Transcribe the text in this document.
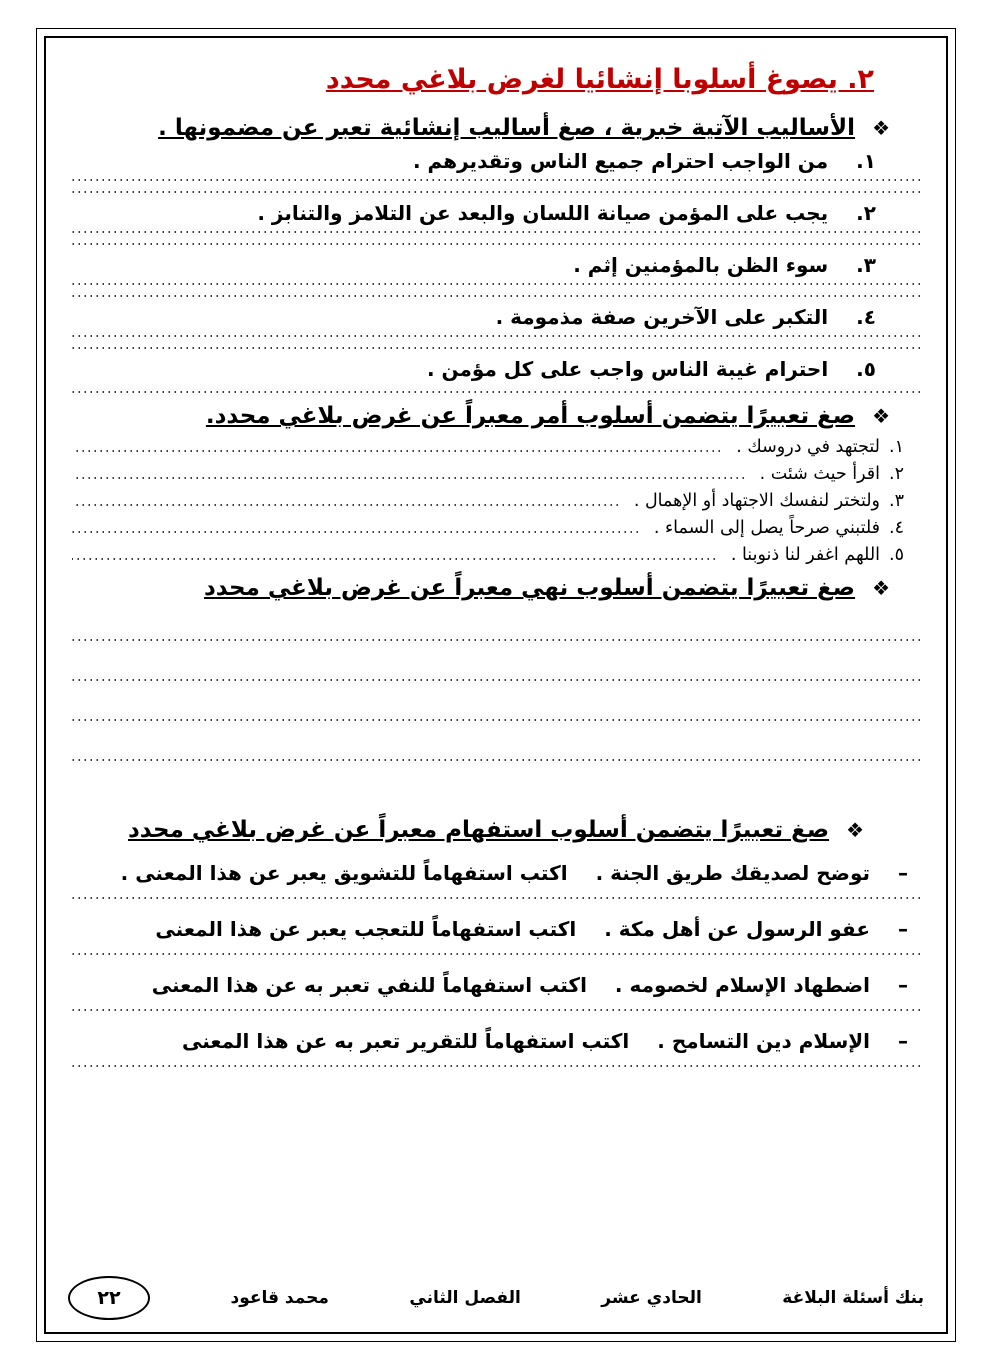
٢. يصوغ أسلوبا إنشائيا لغرض بلاغي محدد
❖ الأساليب الآتية خبرية ، صغ أساليب إنشائية تعبر عن مضمونها .
١.
من الواجب احترام جميع الناس وتقديرهم .
٢.
يجب على المؤمن صيانة اللسان والبعد عن التلامز والتنابز .
٣.
سوء الظن بالمؤمنين إثم .
٤.
التكبر على الآخرين صفة مذمومة .
٥.
احترام غيبة الناس واجب على كل مؤمن .
❖ صغ تعبيرًا يتضمن أسلوب أمر معبراً عن غرض بلاغي محدد.
١.
لتجتهد في دروسك .
٢.
اقرأ حيث شئت .
٣.
ولتختر لنفسك الاجتهاد أو الإهمال .
٤.
فلتبني صرحاً يصل إلى السماء .
٥.
اللهم اغفر لنا ذنوبنا .
❖ صغ تعبيرًا يتضمن أسلوب نهي معبراً عن غرض بلاغي محدد
❖ صغ تعبيرًا يتضمن أسلوب استفهام معبراً عن غرض بلاغي محدد
–
توضح لصديقك طريق الجنة .
اكتب استفهاماً للتشويق يعبر عن هذا المعنى .
–
عفو الرسول عن أهل مكة .
اكتب استفهاماً للتعجب يعبر عن هذا المعنى
–
اضطهاد الإسلام لخصومه .
اكتب استفهاماً للنفي تعبر به عن هذا المعنى
–
الإسلام دين التسامح .
اكتب استفهاماً للتقرير تعبر به عن هذا المعنى
بنك أسئلة البلاغة
الحادي عشر
الفصل الثاني
محمد قاعود
٢٢
